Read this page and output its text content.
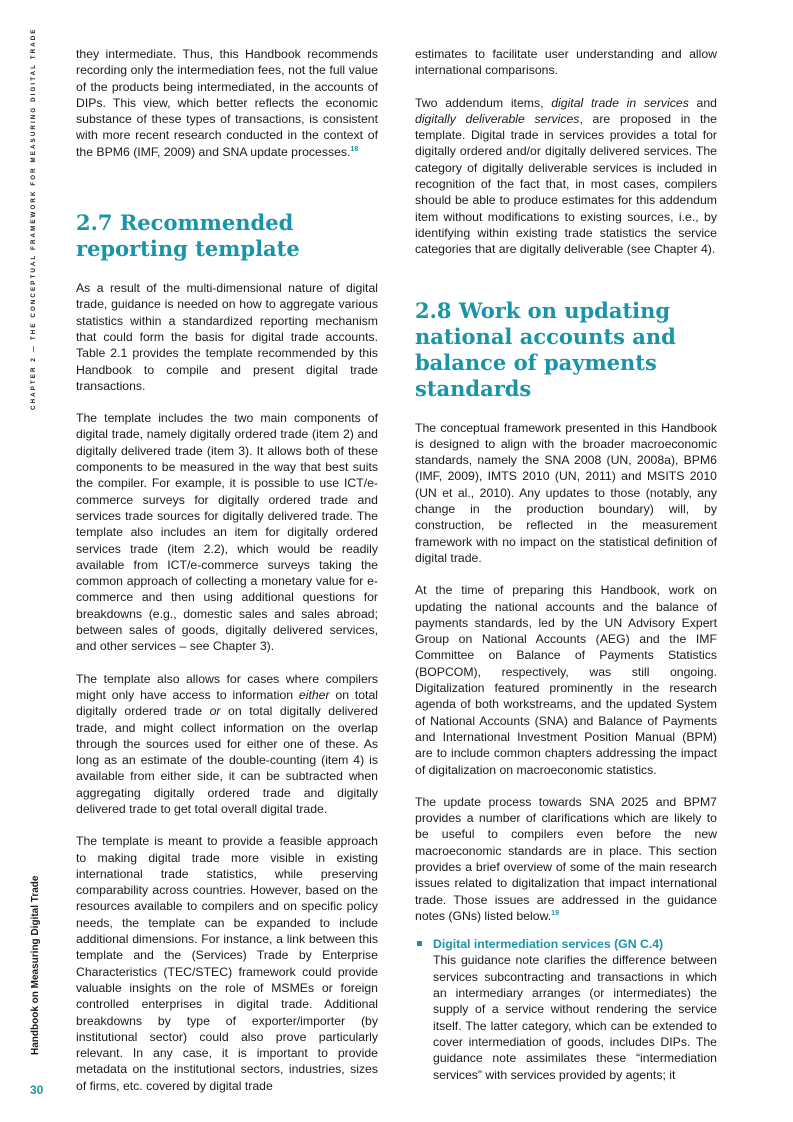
CHAPTER 2 — THE CONCEPTUAL FRAMEWORK FOR MEASURING DIGITAL TRADE
Handbook on Measuring Digital Trade
30

they intermediate. Thus, this Handbook recommends recording only the intermediation fees, not the full value of the products being intermediated, in the accounts of DIPs. This view, which better reflects the economic substance of these types of transactions, is consistent with more recent research conducted in the context of the BPM6 (IMF, 2009) and SNA update processes.$^{18}$

2.7 Recommended
reporting template

As a result of the multi-dimensional nature of digital trade, guidance is needed on how to aggregate various statistics within a standardized reporting mechanism that could form the basis for digital trade accounts. Table 2.1 provides the template recommended by this Handbook to compile and present digital trade transactions.

The template includes the two main components of digital trade, namely digitally ordered trade (item 2) and digitally delivered trade (item 3). It allows both of these components to be measured in the way that best suits the compiler. For example, it is possible to use ICT/e-commerce surveys for digitally ordered trade and services trade sources for digitally delivered trade. The template also includes an item for digitally ordered services trade (item 2.2), which would be readily available from ICT/e-commerce surveys taking the common approach of collecting a monetary value for e-commerce and then using additional questions for breakdowns (e.g., domestic sales and sales abroad; between sales of goods, digitally delivered services, and other services – see Chapter 3).

The template also allows for cases where compilers might only have access to information either on total digitally ordered trade or on total digitally delivered trade, and might collect information on the overlap through the sources used for either one of these. As long as an estimate of the double-counting (item 4) is available from either side, it can be subtracted when aggregating digitally ordered trade and digitally delivered trade to get total overall digital trade.

The template is meant to provide a feasible approach to making digital trade more visible in existing international trade statistics, while preserving comparability across countries. However, based on the resources available to compilers and on specific policy needs, the template can be expanded to include additional dimensions. For instance, a link between this template and the (Services) Trade by Enterprise Characteristics (TEC/STEC) framework could provide valuable insights on the role of MSMEs or foreign controlled enterprises in digital trade. Additional breakdowns by type of exporter/importer (by institutional sector) could also prove particularly relevant. In any case, it is important to provide metadata on the institutional sectors, industries, sizes of firms, etc. covered by digital trade

estimates to facilitate user understanding and allow international comparisons.

Two addendum items, digital trade in services and digitally deliverable services, are proposed in the template. Digital trade in services provides a total for digitally ordered and/or digitally delivered services. The category of digitally deliverable services is included in recognition of the fact that, in most cases, compilers should be able to produce estimates for this addendum item without modifications to existing sources, i.e., by identifying within existing trade statistics the service categories that are digitally deliverable (see Chapter 4).

2.8 Work on updating
national accounts and
balance of payments
standards

The conceptual framework presented in this Handbook is designed to align with the broader macroeconomic standards, namely the SNA 2008 (UN, 2008a), BPM6 (IMF, 2009), IMTS 2010 (UN, 2011) and MSITS 2010 (UN et al., 2010). Any updates to those (notably, any change in the production boundary) will, by construction, be reflected in the measurement framework with no impact on the statistical definition of digital trade.

At the time of preparing this Handbook, work on updating the national accounts and the balance of payments standards, led by the UN Advisory Expert Group on National Accounts (AEG) and the IMF Committee on Balance of Payments Statistics (BOPCOM), respectively, was still ongoing. Digitalization featured prominently in the research agenda of both workstreams, and the updated System of National Accounts (SNA) and Balance of Payments and International Investment Position Manual (BPM) are to include common chapters addressing the impact of digitalization on macroeconomic statistics.

The update process towards SNA 2025 and BPM7 provides a number of clarifications which are likely to be useful to compilers even before the new macroeconomic standards are in place. This section provides a brief overview of some of the main research issues related to digitalization that impact international trade. Those issues are addressed in the guidance notes (GNs) listed below.$^{19}$

Digital intermediation services (GN C.4)
This guidance note clarifies the difference between services subcontracting and transactions in which an intermediary arranges (or intermediates) the supply of a service without rendering the service itself. The latter category, which can be extended to cover intermediation of goods, includes DIPs. The guidance note assimilates these “intermediation services” with services provided by agents; it
